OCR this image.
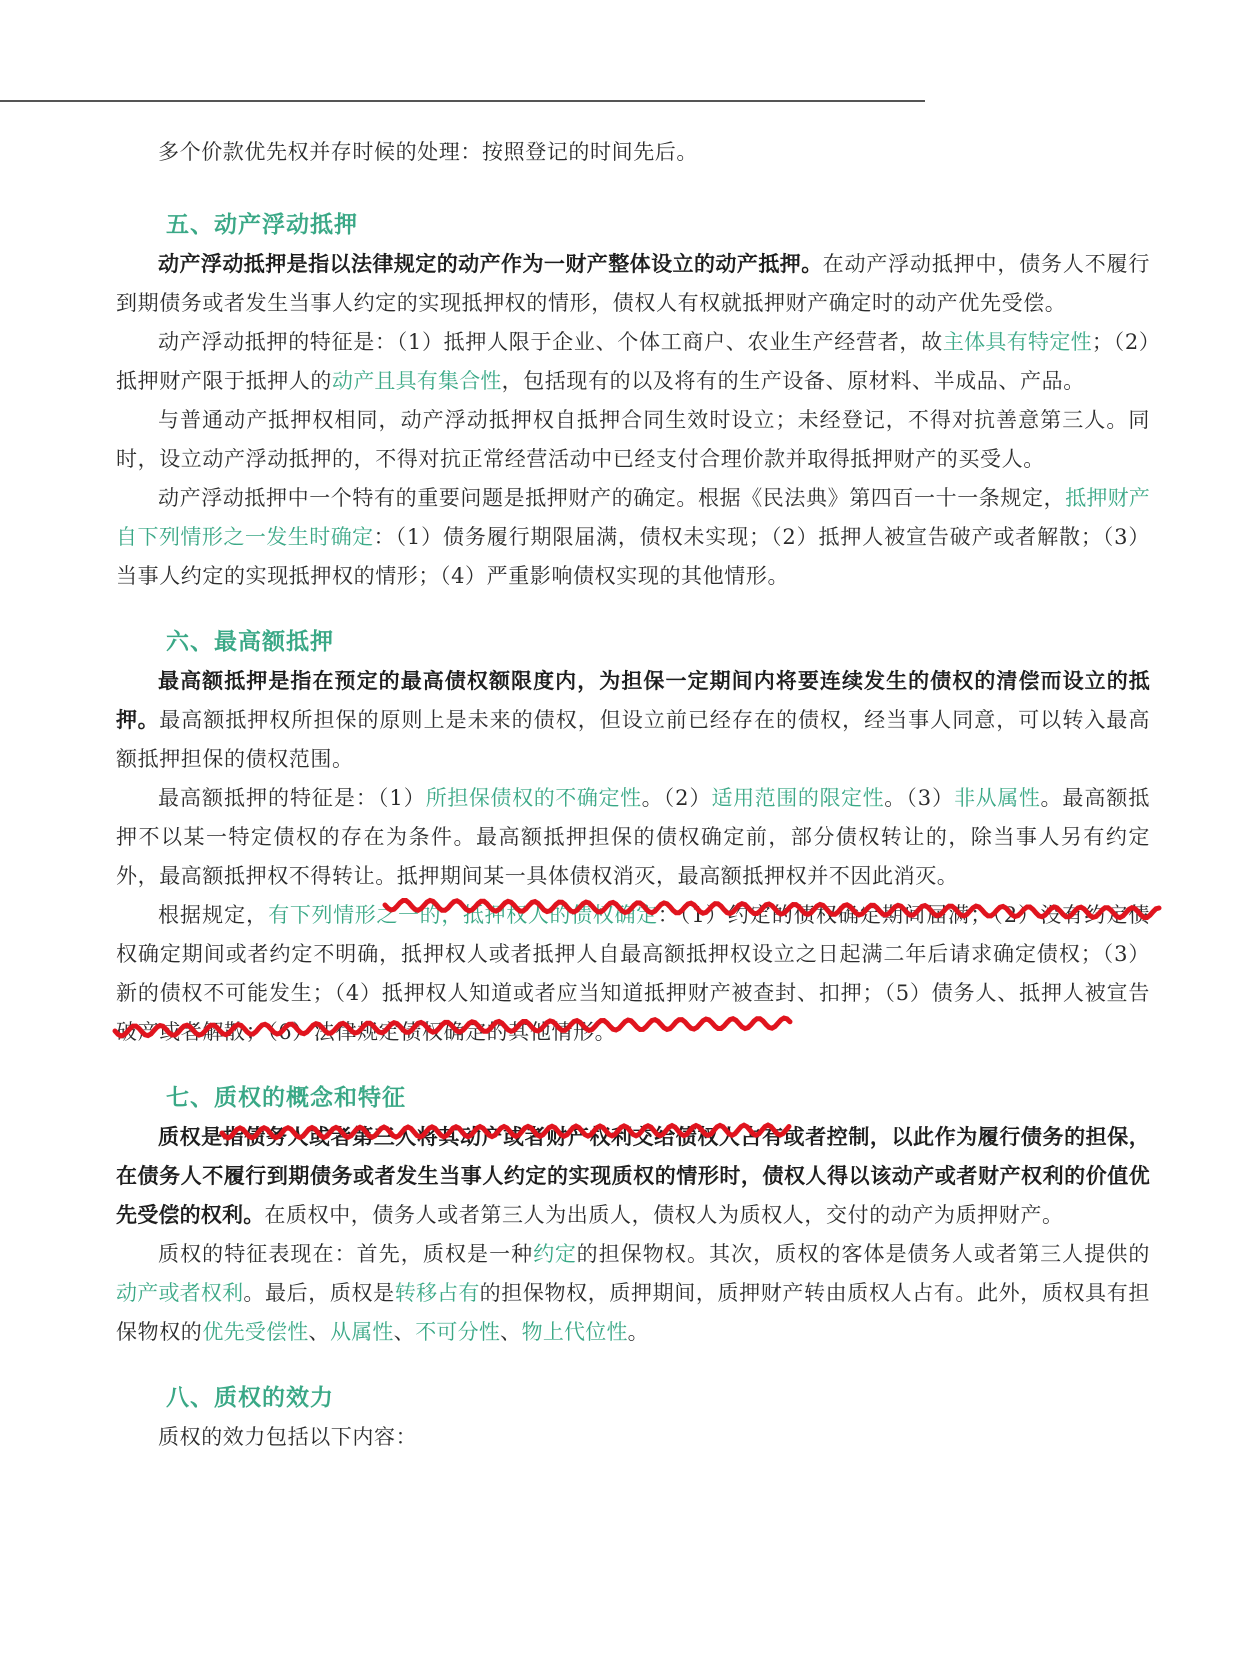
多个价款优先权并存时候的处理：按照登记的时间先后。

五、动产浮动抵押

动产浮动抵押是指以法律规定的动产作为一财产整体设立的动产抵押。在动产浮动抵押中，债务人不履行到期债务或者发生当事人约定的实现抵押权的情形，债权人有权就抵押财产确定时的动产优先受偿。

动产浮动抵押的特征是：（1）抵押人限于企业、个体工商户、农业生产经营者，故主体具有特定性；（2）抵押财产限于抵押人的动产且具有集合性，包括现有的以及将有的生产设备、原材料、半成品、产品。

与普通动产抵押权相同，动产浮动抵押权自抵押合同生效时设立；未经登记，不得对抗善意第三人。同时，设立动产浮动抵押的，不得对抗正常经营活动中已经支付合理价款并取得抵押财产的买受人。

动产浮动抵押中一个特有的重要问题是抵押财产的确定。根据《民法典》第四百一十一条规定，抵押财产自下列情形之一发生时确定：（1）债务履行期限届满，债权未实现；（2）抵押人被宣告破产或者解散；（3）当事人约定的实现抵押权的情形；（4）严重影响债权实现的其他情形。

六、最高额抵押

最高额抵押是指在预定的最高债权额限度内，为担保一定期间内将要连续发生的债权的清偿而设立的抵押。最高额抵押权所担保的原则上是未来的债权，但设立前已经存在的债权，经当事人同意，可以转入最高额抵押担保的债权范围。

最高额抵押的特征是：（1）所担保债权的不确定性。（2）适用范围的限定性。（3）非从属性。最高额抵押不以某一特定债权的存在为条件。最高额抵押担保的债权确定前，部分债权转让的，除当事人另有约定外，最高额抵押权不得转让。抵押期间某一具体债权消灭，最高额抵押权并不因此消灭。

根据规定，有下列情形之一的，抵押权人的债权确定：（1）约定的债权确定期间届满；（2）没有约定债权确定期间或者约定不明确，抵押权人或者抵押人自最高额抵押权设立之日起满二年后请求确定债权；（3）新的债权不可能发生；（4）抵押权人知道或者应当知道抵押财产被查封、扣押；（5）债务人、抵押人被宣告破产或者解散；（6）法律规定债权确定的其他情形。

七、质权的概念和特征

质权是指债务人或者第三人将其动产或者财产权利交给债权人占有或者控制，以此作为履行债务的担保，在债务人不履行到期债务或者发生当事人约定的实现质权的情形时，债权人得以该动产或者财产权利的价值优先受偿的权利。在质权中，债务人或者第三人为出质人，债权人为质权人，交付的动产为质押财产。

质权的特征表现在：首先，质权是一种约定的担保物权。其次，质权的客体是债务人或者第三人提供的动产或者权利。最后，质权是转移占有的担保物权，质押期间，质押财产转由质权人占有。此外，质权具有担保物权的优先受偿性、从属性、不可分性、物上代位性。

八、质权的效力

质权的效力包括以下内容：
